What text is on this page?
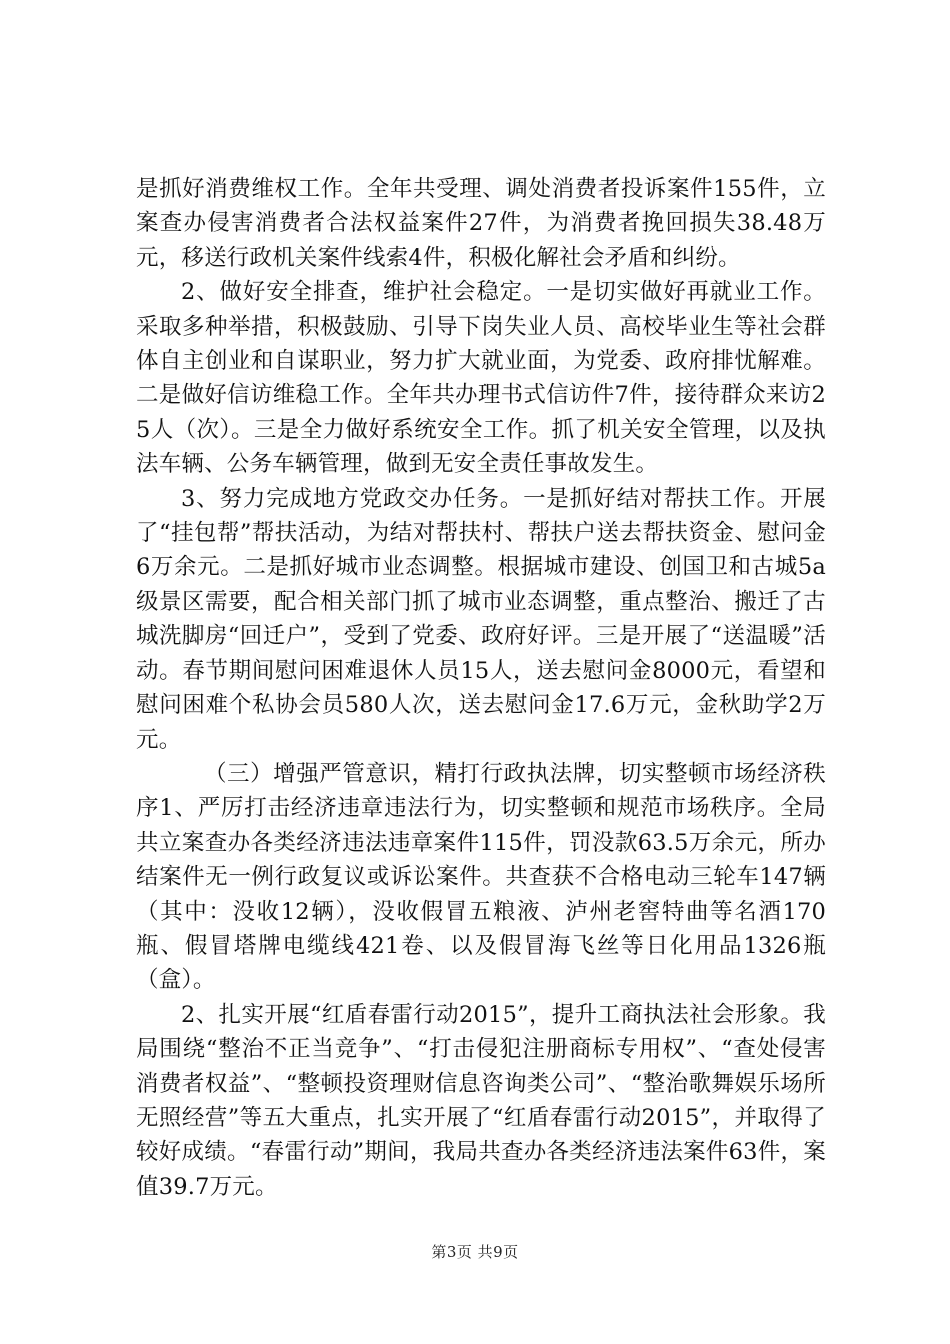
是抓好消费维权工作。全年共受理、调处消费者投诉案件155件，立案查办侵害消费者合法权益案件27件，为消费者挽回损失38.48万元，移送行政机关案件线索4件，积极化解社会矛盾和纠纷。

2、做好安全排查，维护社会稳定。一是切实做好再就业工作。采取多种举措，积极鼓励、引导下岗失业人员、高校毕业生等社会群体自主创业和自谋职业，努力扩大就业面，为党委、政府排忧解难。二是做好信访维稳工作。全年共办理书式信访件7件，接待群众来访25人（次）。三是全力做好系统安全工作。抓了机关安全管理，以及执法车辆、公务车辆管理，做到无安全责任事故发生。

3、努力完成地方党政交办任务。一是抓好结对帮扶工作。开展了“挂包帮”帮扶活动，为结对帮扶村、帮扶户送去帮扶资金、慰问金6万余元。二是抓好城市业态调整。根据城市建设、创国卫和古城5a级景区需要，配合相关部门抓了城市业态调整，重点整治、搬迁了古城洗脚房“回迁户”，受到了党委、政府好评。三是开展了“送温暖”活动。春节期间慰问困难退休人员15人，送去慰问金8000元，看望和慰问困难个私协会员580人次，送去慰问金17.6万元，金秋助学2万元。

（三）增强严管意识，精打行政执法牌，切实整顿市场经济秩序1、严厉打击经济违章违法行为，切实整顿和规范市场秩序。全局共立案查办各类经济违法违章案件115件，罚没款63.5万余元，所办结案件无一例行政复议或诉讼案件。共查获不合格电动三轮车147辆（其中：没收12辆），没收假冒五粮液、泸州老窖特曲等名酒170瓶、假冒塔牌电缆线421卷、以及假冒海飞丝等日化用品1326瓶（盒）。

2、扎实开展“红盾春雷行动2015”，提升工商执法社会形象。我局围绕“整治不正当竞争”、“打击侵犯注册商标专用权”、“查处侵害消费者权益”、“整顿投资理财信息咨询类公司”、“整治歌舞娱乐场所无照经营”等五大重点，扎实开展了“红盾春雷行动2015”，并取得了较好成绩。“春雷行动”期间，我局共查办各类经济违法案件63件，案值39.7万元。

第3页 共9页
